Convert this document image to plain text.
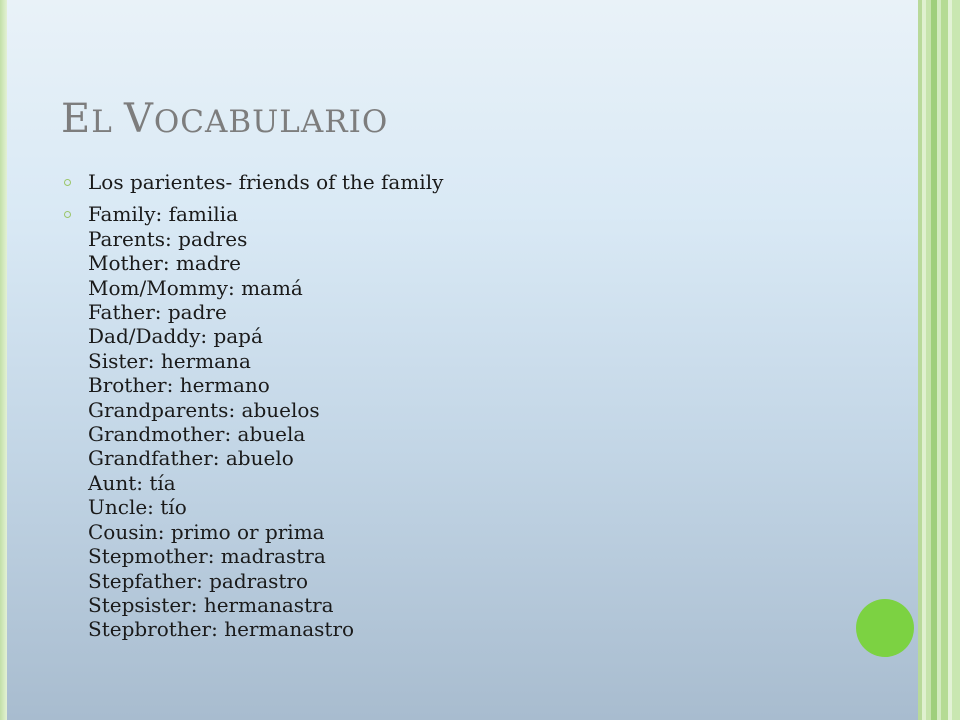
EL VOCABULARIO
Los parientes- friends of the family
Family: familia
Parents: padres
Mother: madre
Mom/Mommy: mamá
Father: padre
Dad/Daddy: papá
Sister: hermana
Brother: hermano
Grandparents: abuelos
Grandmother: abuela
Grandfather: abuelo
Aunt: tía
Uncle: tío
Cousin: primo or prima
Stepmother: madrastra
Stepfather: padrastro
Stepsister: hermanastra
Stepbrother: hermanastro
